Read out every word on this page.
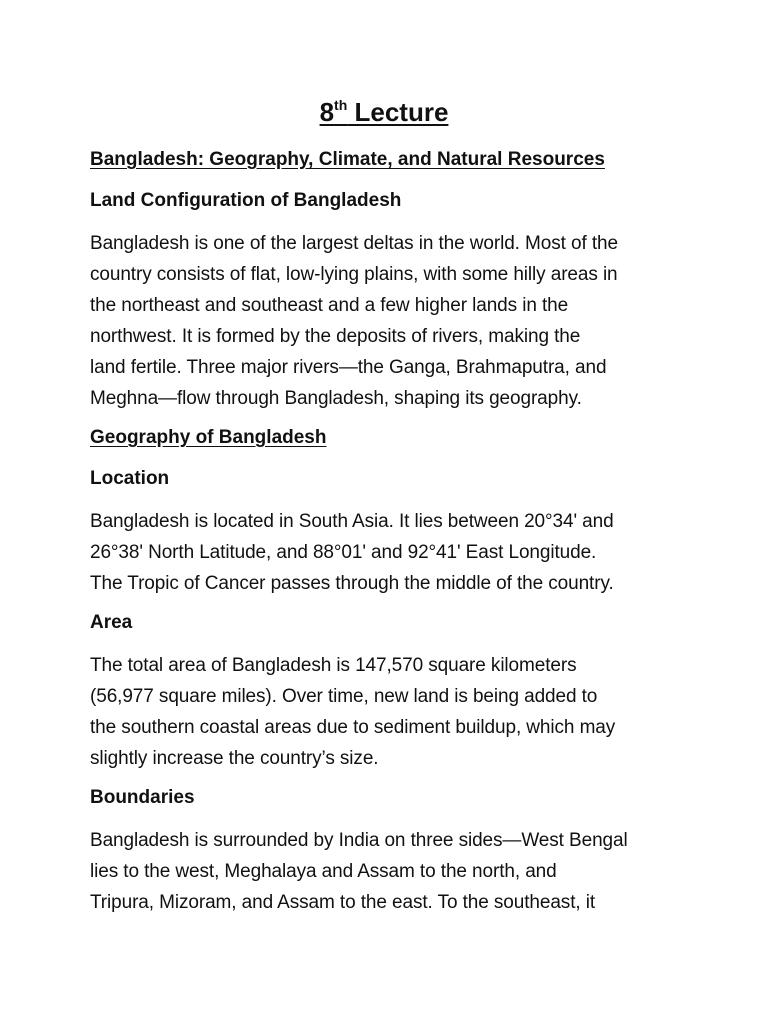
8th Lecture

Bangladesh: Geography, Climate, and Natural Resources

Land Configuration of Bangladesh

Bangladesh is one of the largest deltas in the world. Most of the
country consists of flat, low-lying plains, with some hilly areas in
the northeast and southeast and a few higher lands in the
northwest. It is formed by the deposits of rivers, making the
land fertile. Three major rivers—the Ganga, Brahmaputra, and
Meghna—flow through Bangladesh, shaping its geography.

Geography of Bangladesh

Location

Bangladesh is located in South Asia. It lies between 20°34' and
26°38' North Latitude, and 88°01' and 92°41' East Longitude.
The Tropic of Cancer passes through the middle of the country.

Area

The total area of Bangladesh is 147,570 square kilometers
(56,977 square miles). Over time, new land is being added to
the southern coastal areas due to sediment buildup, which may
slightly increase the country’s size.

Boundaries

Bangladesh is surrounded by India on three sides—West Bengal
lies to the west, Meghalaya and Assam to the north, and
Tripura, Mizoram, and Assam to the east. To the southeast, it
